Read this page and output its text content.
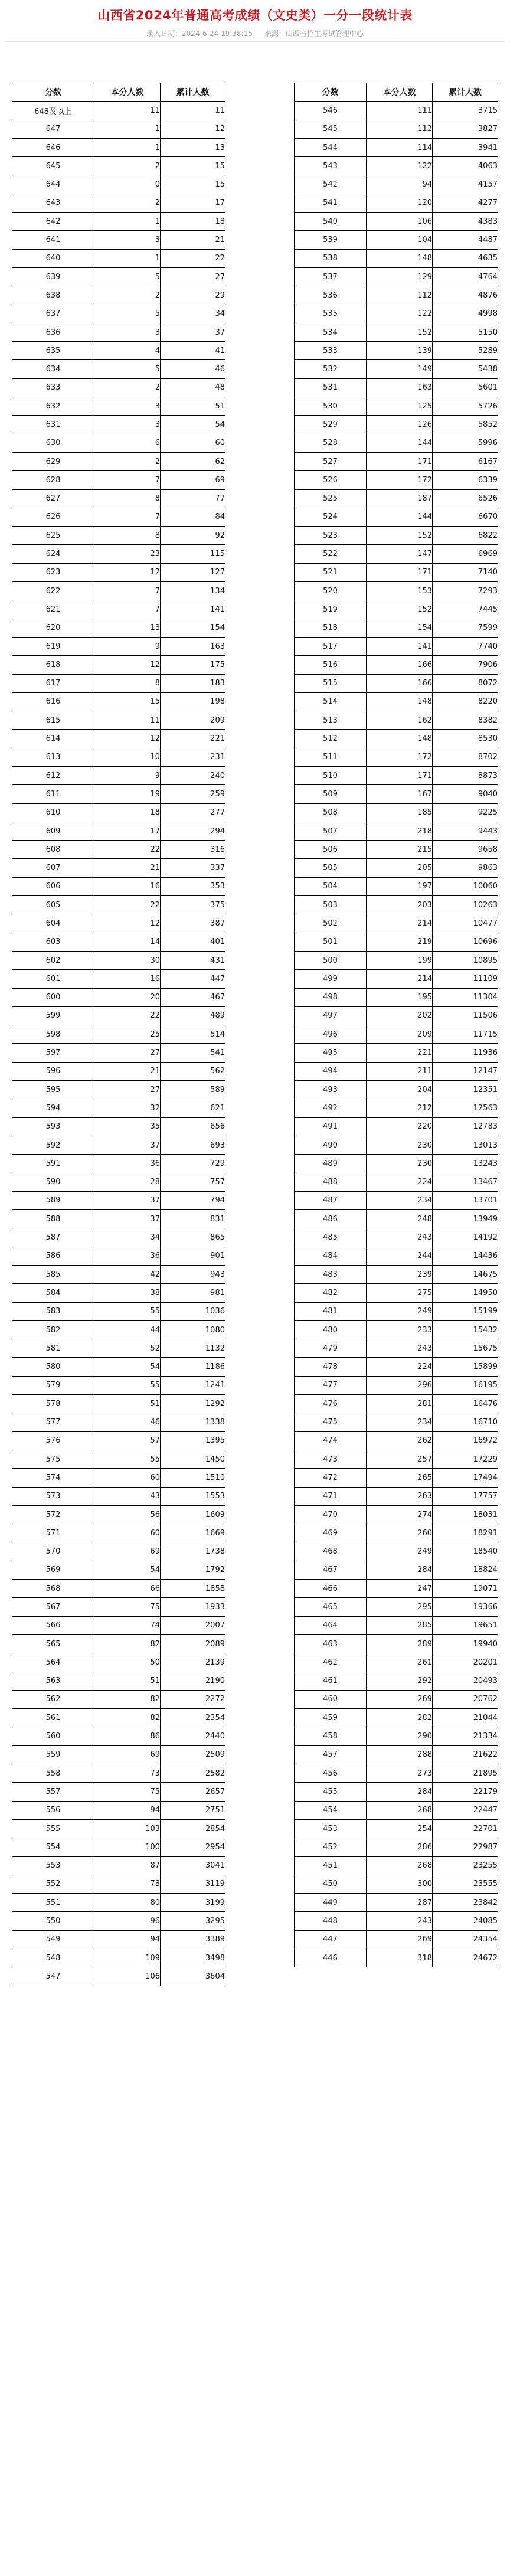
山西省2024年普通高考成绩（文史类）一分一段统计表
录入日期：2024-6-24 19:38:15 来源：山西省招生考试管理中心
分数	本分人数	累计人数
648及以上	11	11
647	1	12
646	1	13
645	2	15
644	0	15
643	2	17
642	1	18
641	3	21
640	1	22
639	5	27
638	2	29
637	5	34
636	3	37
635	4	41
634	5	46
633	2	48
632	3	51
631	3	54
630	6	60
629	2	62
628	7	69
627	8	77
626	7	84
625	8	92
624	23	115
623	12	127
622	7	134
621	7	141
620	13	154
619	9	163
618	12	175
617	8	183
616	15	198
615	11	209
614	12	221
613	10	231
612	9	240
611	19	259
610	18	277
609	17	294
608	22	316
607	21	337
606	16	353
605	22	375
604	12	387
603	14	401
602	30	431
601	16	447
600	20	467
599	22	489
598	25	514
597	27	541
596	21	562
595	27	589
594	32	621
593	35	656
592	37	693
591	36	729
590	28	757
589	37	794
588	37	831
587	34	865
586	36	901
585	42	943
584	38	981
583	55	1036
582	44	1080
581	52	1132
580	54	1186
579	55	1241
578	51	1292
577	46	1338
576	57	1395
575	55	1450
574	60	1510
573	43	1553
572	56	1609
571	60	1669
570	69	1738
569	54	1792
568	66	1858
567	75	1933
566	74	2007
565	82	2089
564	50	2139
563	51	2190
562	82	2272
561	82	2354
560	86	2440
559	69	2509
558	73	2582
557	75	2657
556	94	2751
555	103	2854
554	100	2954
553	87	3041
552	78	3119
551	80	3199
550	96	3295
549	94	3389
548	109	3498
547	106	3604
分数	本分人数	累计人数
546	111	3715
545	112	3827
544	114	3941
543	122	4063
542	94	4157
541	120	4277
540	106	4383
539	104	4487
538	148	4635
537	129	4764
536	112	4876
535	122	4998
534	152	5150
533	139	5289
532	149	5438
531	163	5601
530	125	5726
529	126	5852
528	144	5996
527	171	6167
526	172	6339
525	187	6526
524	144	6670
523	152	6822
522	147	6969
521	171	7140
520	153	7293
519	152	7445
518	154	7599
517	141	7740
516	166	7906
515	166	8072
514	148	8220
513	162	8382
512	148	8530
511	172	8702
510	171	8873
509	167	9040
508	185	9225
507	218	9443
506	215	9658
505	205	9863
504	197	10060
503	203	10263
502	214	10477
501	219	10696
500	199	10895
499	214	11109
498	195	11304
497	202	11506
496	209	11715
495	221	11936
494	211	12147
493	204	12351
492	212	12563
491	220	12783
490	230	13013
489	230	13243
488	224	13467
487	234	13701
486	248	13949
485	243	14192
484	244	14436
483	239	14675
482	275	14950
481	249	15199
480	233	15432
479	243	15675
478	224	15899
477	296	16195
476	281	16476
475	234	16710
474	262	16972
473	257	17229
472	265	17494
471	263	17757
470	274	18031
469	260	18291
468	249	18540
467	284	18824
466	247	19071
465	295	19366
464	285	19651
463	289	19940
462	261	20201
461	292	20493
460	269	20762
459	282	21044
458	290	21334
457	288	21622
456	273	21895
455	284	22179
454	268	22447
453	254	22701
452	286	22987
451	268	23255
450	300	23555
449	287	23842
448	243	24085
447	269	24354
446	318	24672
